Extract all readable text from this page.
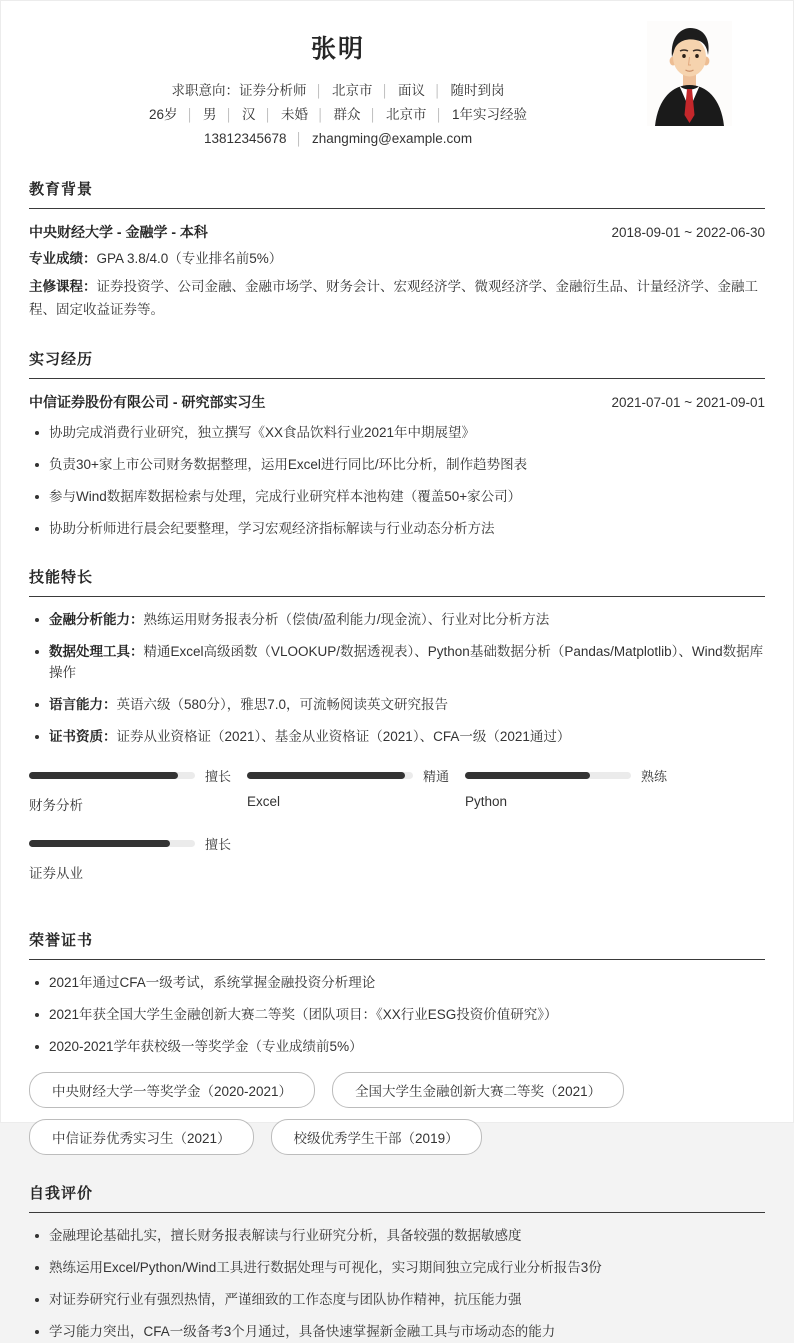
张明
求职意向：证券分析师 │ 北京市 │ 面议 │ 随时到岗
26岁 │ 男 │ 汉 │ 未婚 │ 群众 │ 北京市 │ 1年实习经验
13812345678 │ zhangming@example.com
教育背景
中央财经大学 - 金融学 - 本科	2018-09-01 ~ 2022-06-30

专业成绩：GPA 3.8/4.0（专业排名前5%）

主修课程：证券投资学、公司金融、金融市场学、财务会计、宏观经济学、微观经济学、金融衍生品、计量经济学、金融工程、固定收益证券等。

实习经历
中信证券股份有限公司 - 研究部实习生	2021-07-01 ~ 2021-09-01
协助完成消费行业研究，独立撰写《XX食品饮料行业2021年中期展望》
负责30+家上市公司财务数据整理，运用Excel进行同比/环比分析，制作趋势图表
参与Wind数据库数据检索与处理，完成行业研究样本池构建（覆盖50+家公司）
协助分析师进行晨会纪要整理，学习宏观经济指标解读与行业动态分析方法
技能特长
金融分析能力：熟练运用财务报表分析（偿债/盈利能力/现金流）、行业对比分析方法
数据处理工具：精通Excel高级函数（VLOOKUP/数据透视表）、Python基础数据分析（Pandas/Matplotlib）、Wind数据库操作
语言能力：英语六级（580分），雅思7.0，可流畅阅读英文研究报告
证书资质：证券从业资格证（2021）、基金从业资格证（2021）、CFA一级（2021通过）
擅长
财务分析
精通
Excel
熟练
Python
擅长
证券从业
荣誉证书
2021年通过CFA一级考试，系统掌握金融投资分析理论
2021年获全国大学生金融创新大赛二等奖（团队项目：《XX行业ESG投资价值研究》）
2020-2021学年获校级一等奖学金（专业成绩前5%）
中央财经大学一等奖学金（2020-2021）	全国大学生金融创新大赛二等奖（2021）
中信证券优秀实习生（2021）	校级优秀学生干部（2019）
自我评价
金融理论基础扎实，擅长财务报表解读与行业研究分析，具备较强的数据敏感度
熟练运用Excel/Python/Wind工具进行数据处理与可视化，实习期间独立完成行业分析报告3份
对证券研究行业有强烈热情，严谨细致的工作态度与团队协作精神，抗压能力强
学习能力突出，CFA一级备考3个月通过，具备快速掌握新金融工具与市场动态的能力
